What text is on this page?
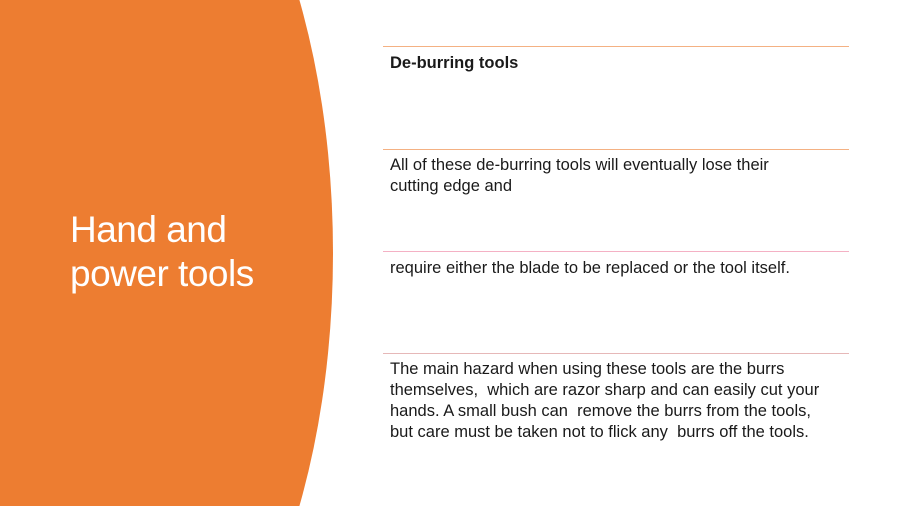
Hand and
power tools
De-burring tools
All of these de-burring tools will eventually lose their
cutting edge and
require either the blade to be replaced or the tool itself.
The main hazard when using these tools are the burrs
themselves,  which are razor sharp and can easily cut your
hands. A small bush can  remove the burrs from the tools,
but care must be taken not to flick any  burrs off the tools.
